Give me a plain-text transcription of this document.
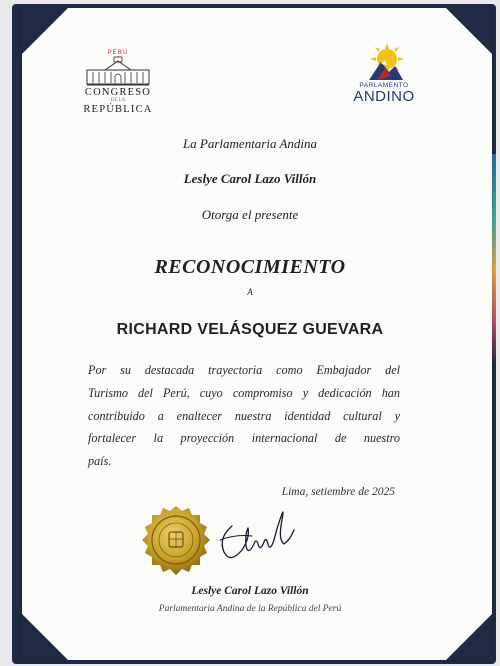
PERÚ
CONGRESO
DE LA
REPÚBLICA
PARLAMENTO
ANDINO
La Parlamentaria Andina
Leslye Carol Lazo Villón
Otorga el presente
RECONOCIMIENTO
A
RICHARD VELÁSQUEZ GUEVARA
Por su destacada trayectoria como Embajador del
Turismo del Perú, cuyo compromiso y dedicación han
contribuido a enaltecer nuestra identidad cultural y
fortalecer la proyección internacional de nuestro
país.
Lima, setiembre de 2025
Leslye Carol Lazo Villón
Parlamentaria Andina de la República del Perú
